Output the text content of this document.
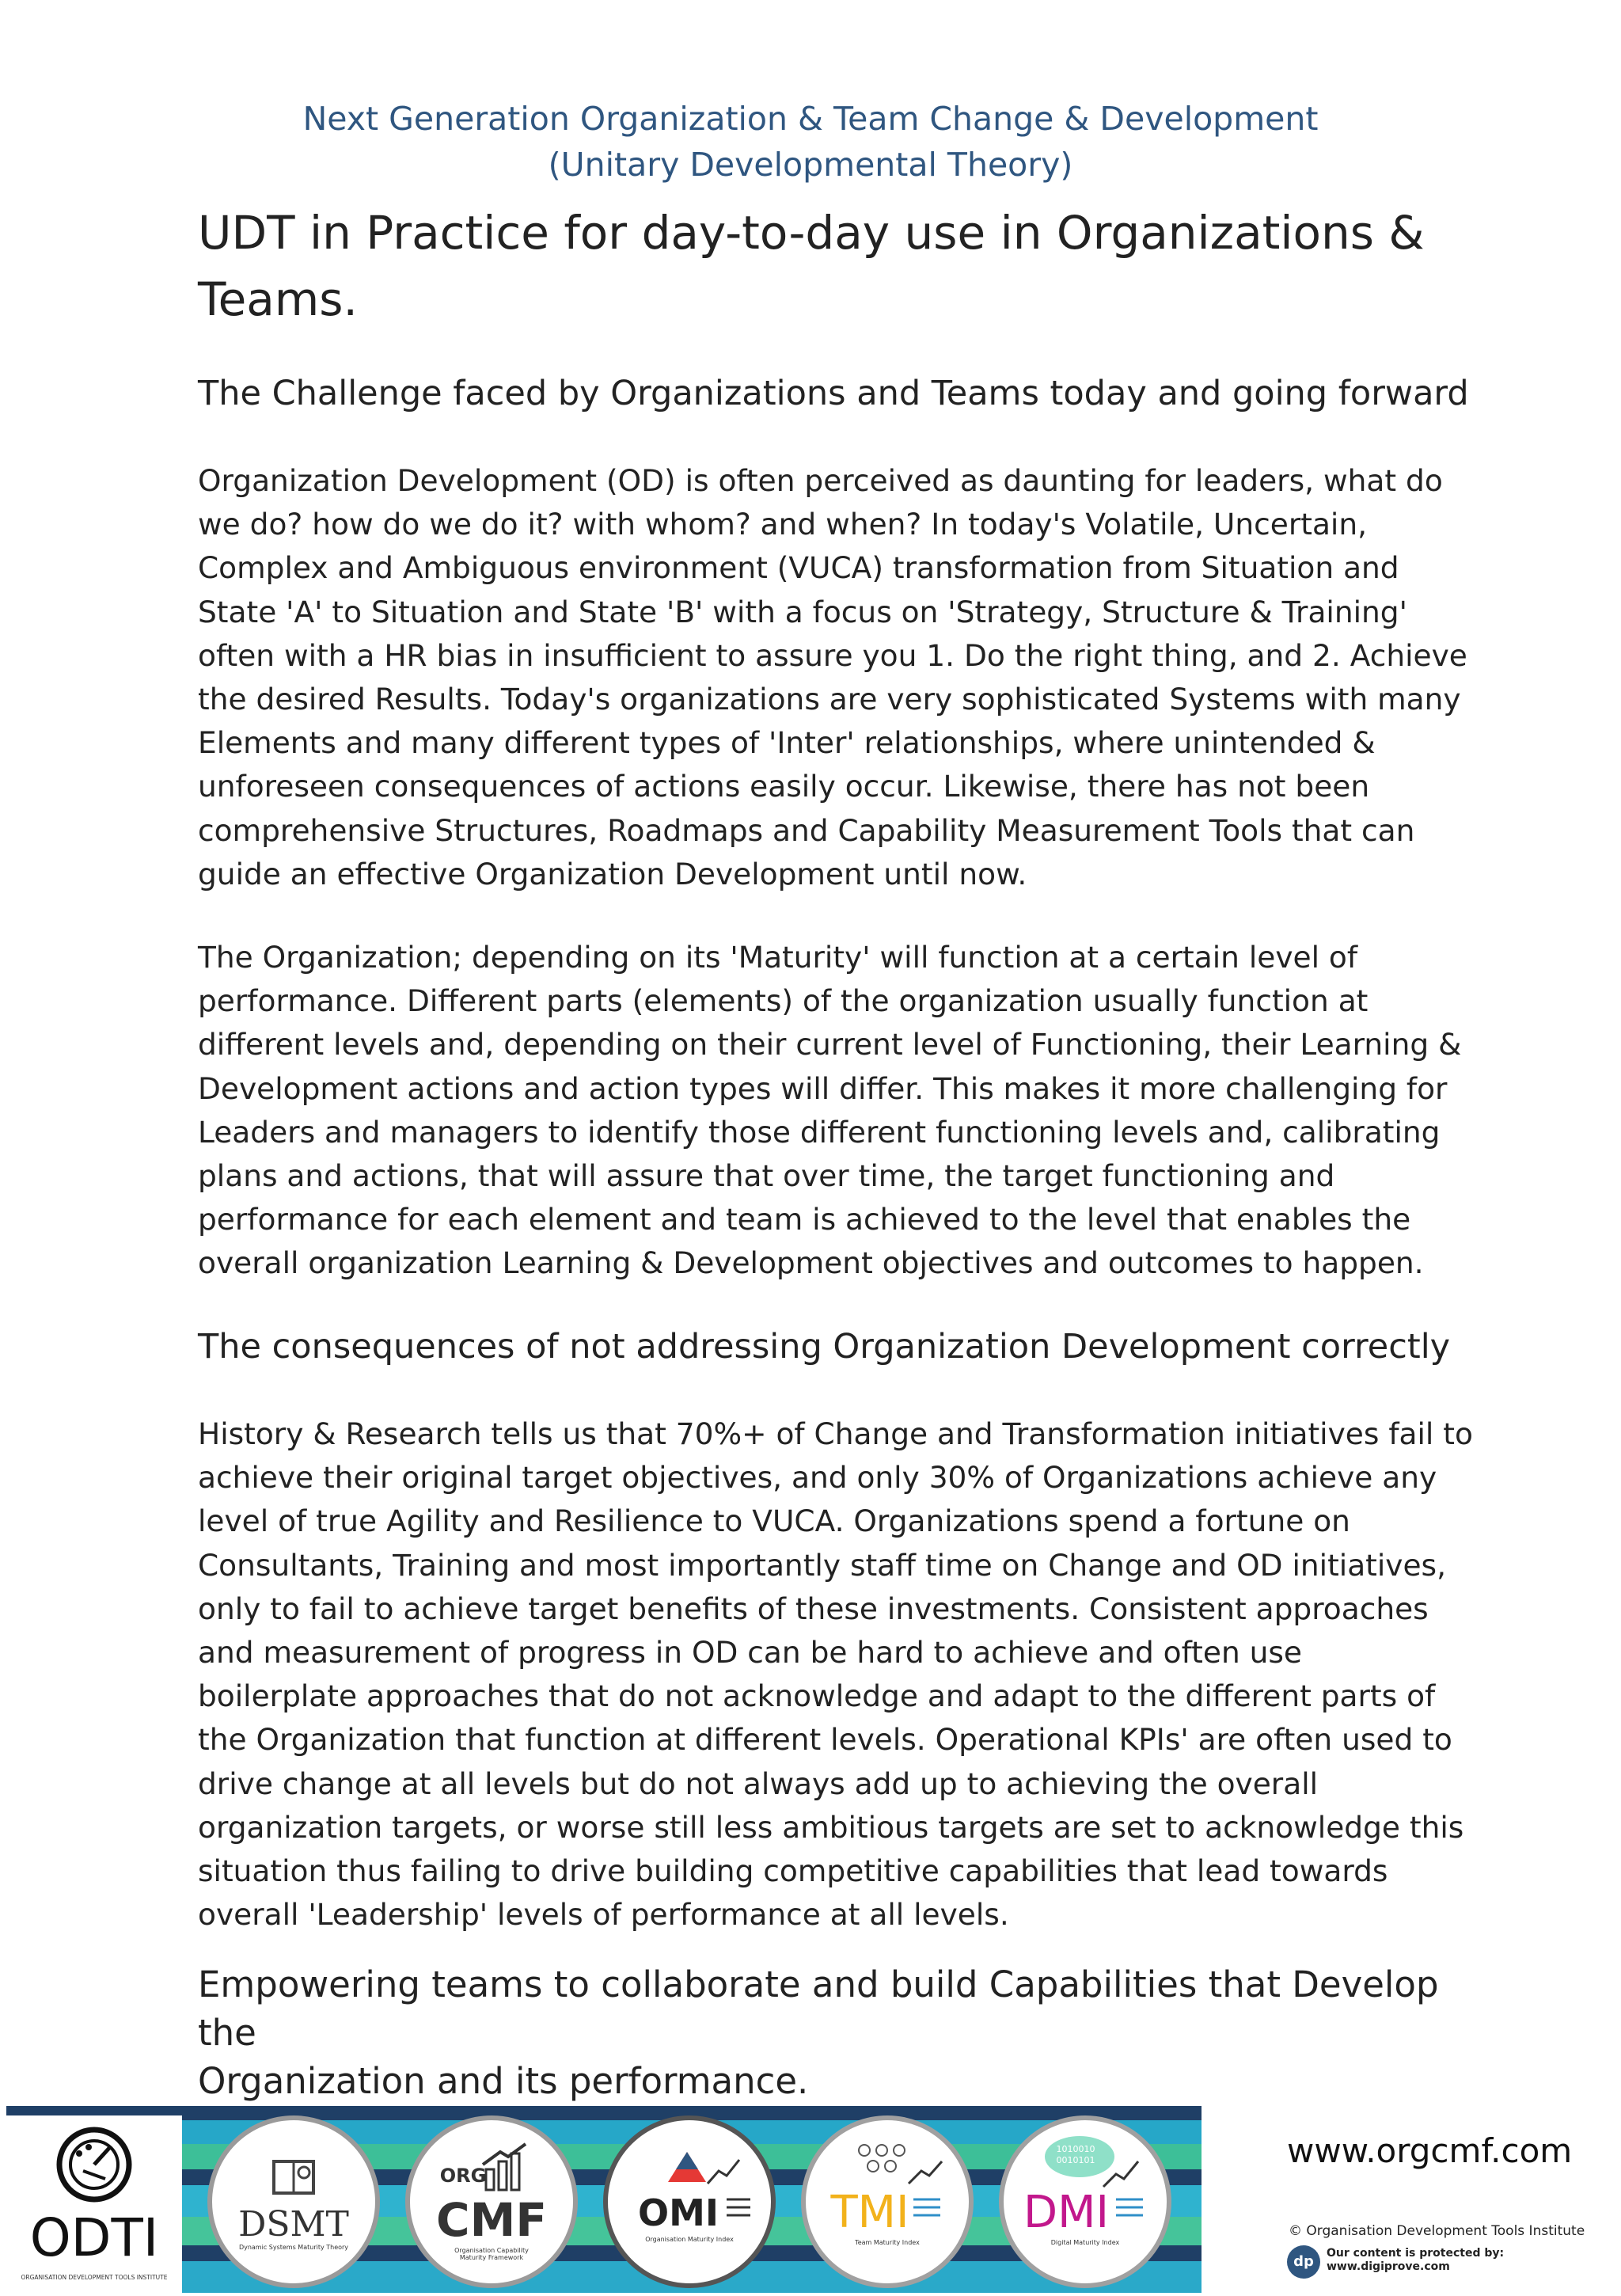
Next Generation Organization & Team Change & Development
(Unitary Developmental Theory)
UDT in Practice for day-to-day use in Organizations &
Teams.
The Challenge faced by Organizations and Teams today and going forward
Organization Development (OD) is often perceived as daunting for leaders, what do
we do? how do we do it? with whom? and when? In today's Volatile, Uncertain,
Complex and Ambiguous environment (VUCA) transformation from Situation and
State 'A' to Situation and State 'B' with a focus on 'Strategy, Structure & Training'
often with a HR bias in insufficient to assure you 1. Do the right thing, and 2. Achieve
the desired Results. Today's organizations are very sophisticated Systems with many
Elements and many different types of 'Inter' relationships, where unintended &
unforeseen consequences of actions easily occur. Likewise, there has not been
comprehensive Structures, Roadmaps and Capability Measurement Tools that can
guide an effective Organization Development until now.
The Organization; depending on its 'Maturity' will function at a certain level of
performance. Different parts (elements) of the organization usually function at
different levels and, depending on their current level of Functioning, their Learning &
Development actions and action types will differ. This makes it more challenging for
Leaders and managers to identify those different functioning levels and, calibrating
plans and actions, that will assure that over time, the target functioning and
performance for each element and team is achieved to the level that enables the
overall organization Learning & Development objectives and outcomes to happen.
The consequences of not addressing Organization Development correctly
History & Research tells us that 70%+ of Change and Transformation initiatives fail to
achieve their original target objectives, and only 30% of Organizations achieve any
level of true Agility and Resilience to VUCA. Organizations spend a fortune on
Consultants, Training and most importantly staff time on Change and OD initiatives,
only to fail to achieve target benefits of these investments. Consistent approaches
and measurement of progress in OD can be hard to achieve and often use
boilerplate approaches that do not acknowledge and adapt to the different parts of
the Organization that function at different levels. Operational KPIs' are often used to
drive change at all levels but do not always add up to achieving the overall
organization targets, or worse still less ambitious targets are set to acknowledge this
situation thus failing to drive building competitive capabilities that lead towards
overall 'Leadership' levels of performance at all levels.
Empowering teams to collaborate and build Capabilities that Develop the
Organization and its performance.
ODTI
ORGANISATION DEVELOPMENT TOOLS INSTITUTE
DSMT
Dynamic Systems Maturity Theory
ORG
CMF
Organisation Capability Maturity Framework
OMI
Organisation Maturity Index
TMI
Team Maturity Index
1010010
0010101
DMI
Digital Maturity Index
www.orgcmf.com
© Organisation Development Tools Institute
dp	Our content is protected by:
www.digiprove.com
